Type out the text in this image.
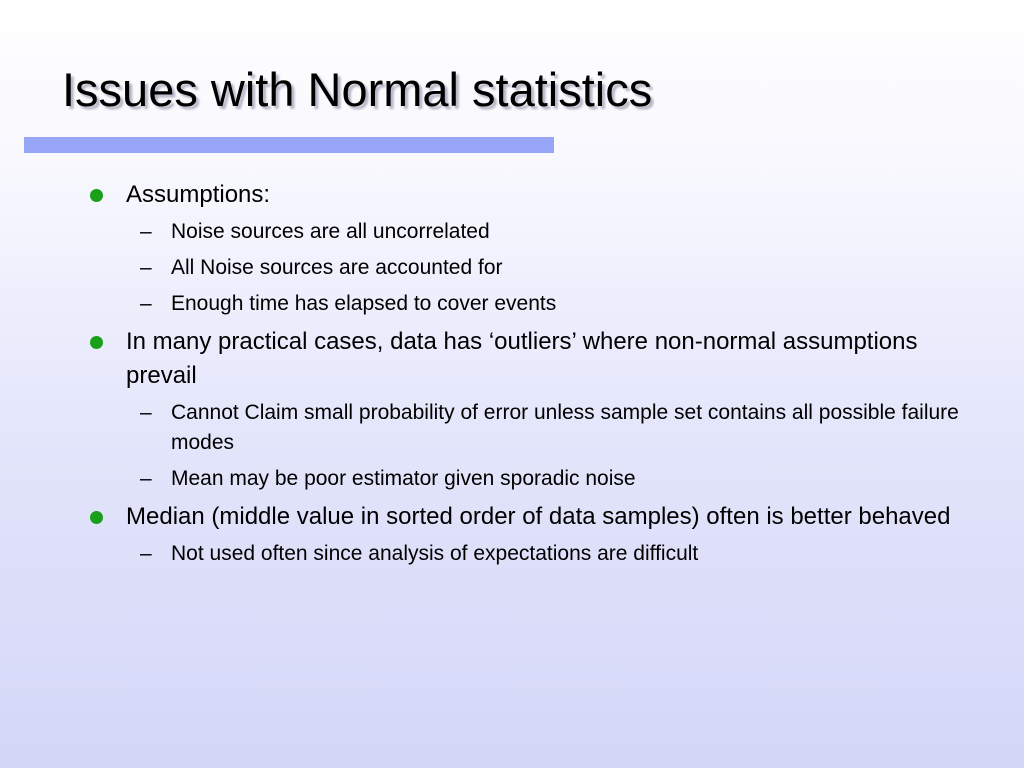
Issues with Normal statistics
Assumptions:
– Noise sources are all uncorrelated
– All Noise sources are accounted for
– Enough time has elapsed to cover events
In many practical cases, data has ‘outliers’ where non-normal assumptions prevail
– Cannot Claim small probability of error unless sample set contains all possible failure modes
– Mean may be poor estimator given sporadic noise
Median (middle value in sorted order of data samples) often is better behaved
– Not used often since analysis of expectations are difficult
